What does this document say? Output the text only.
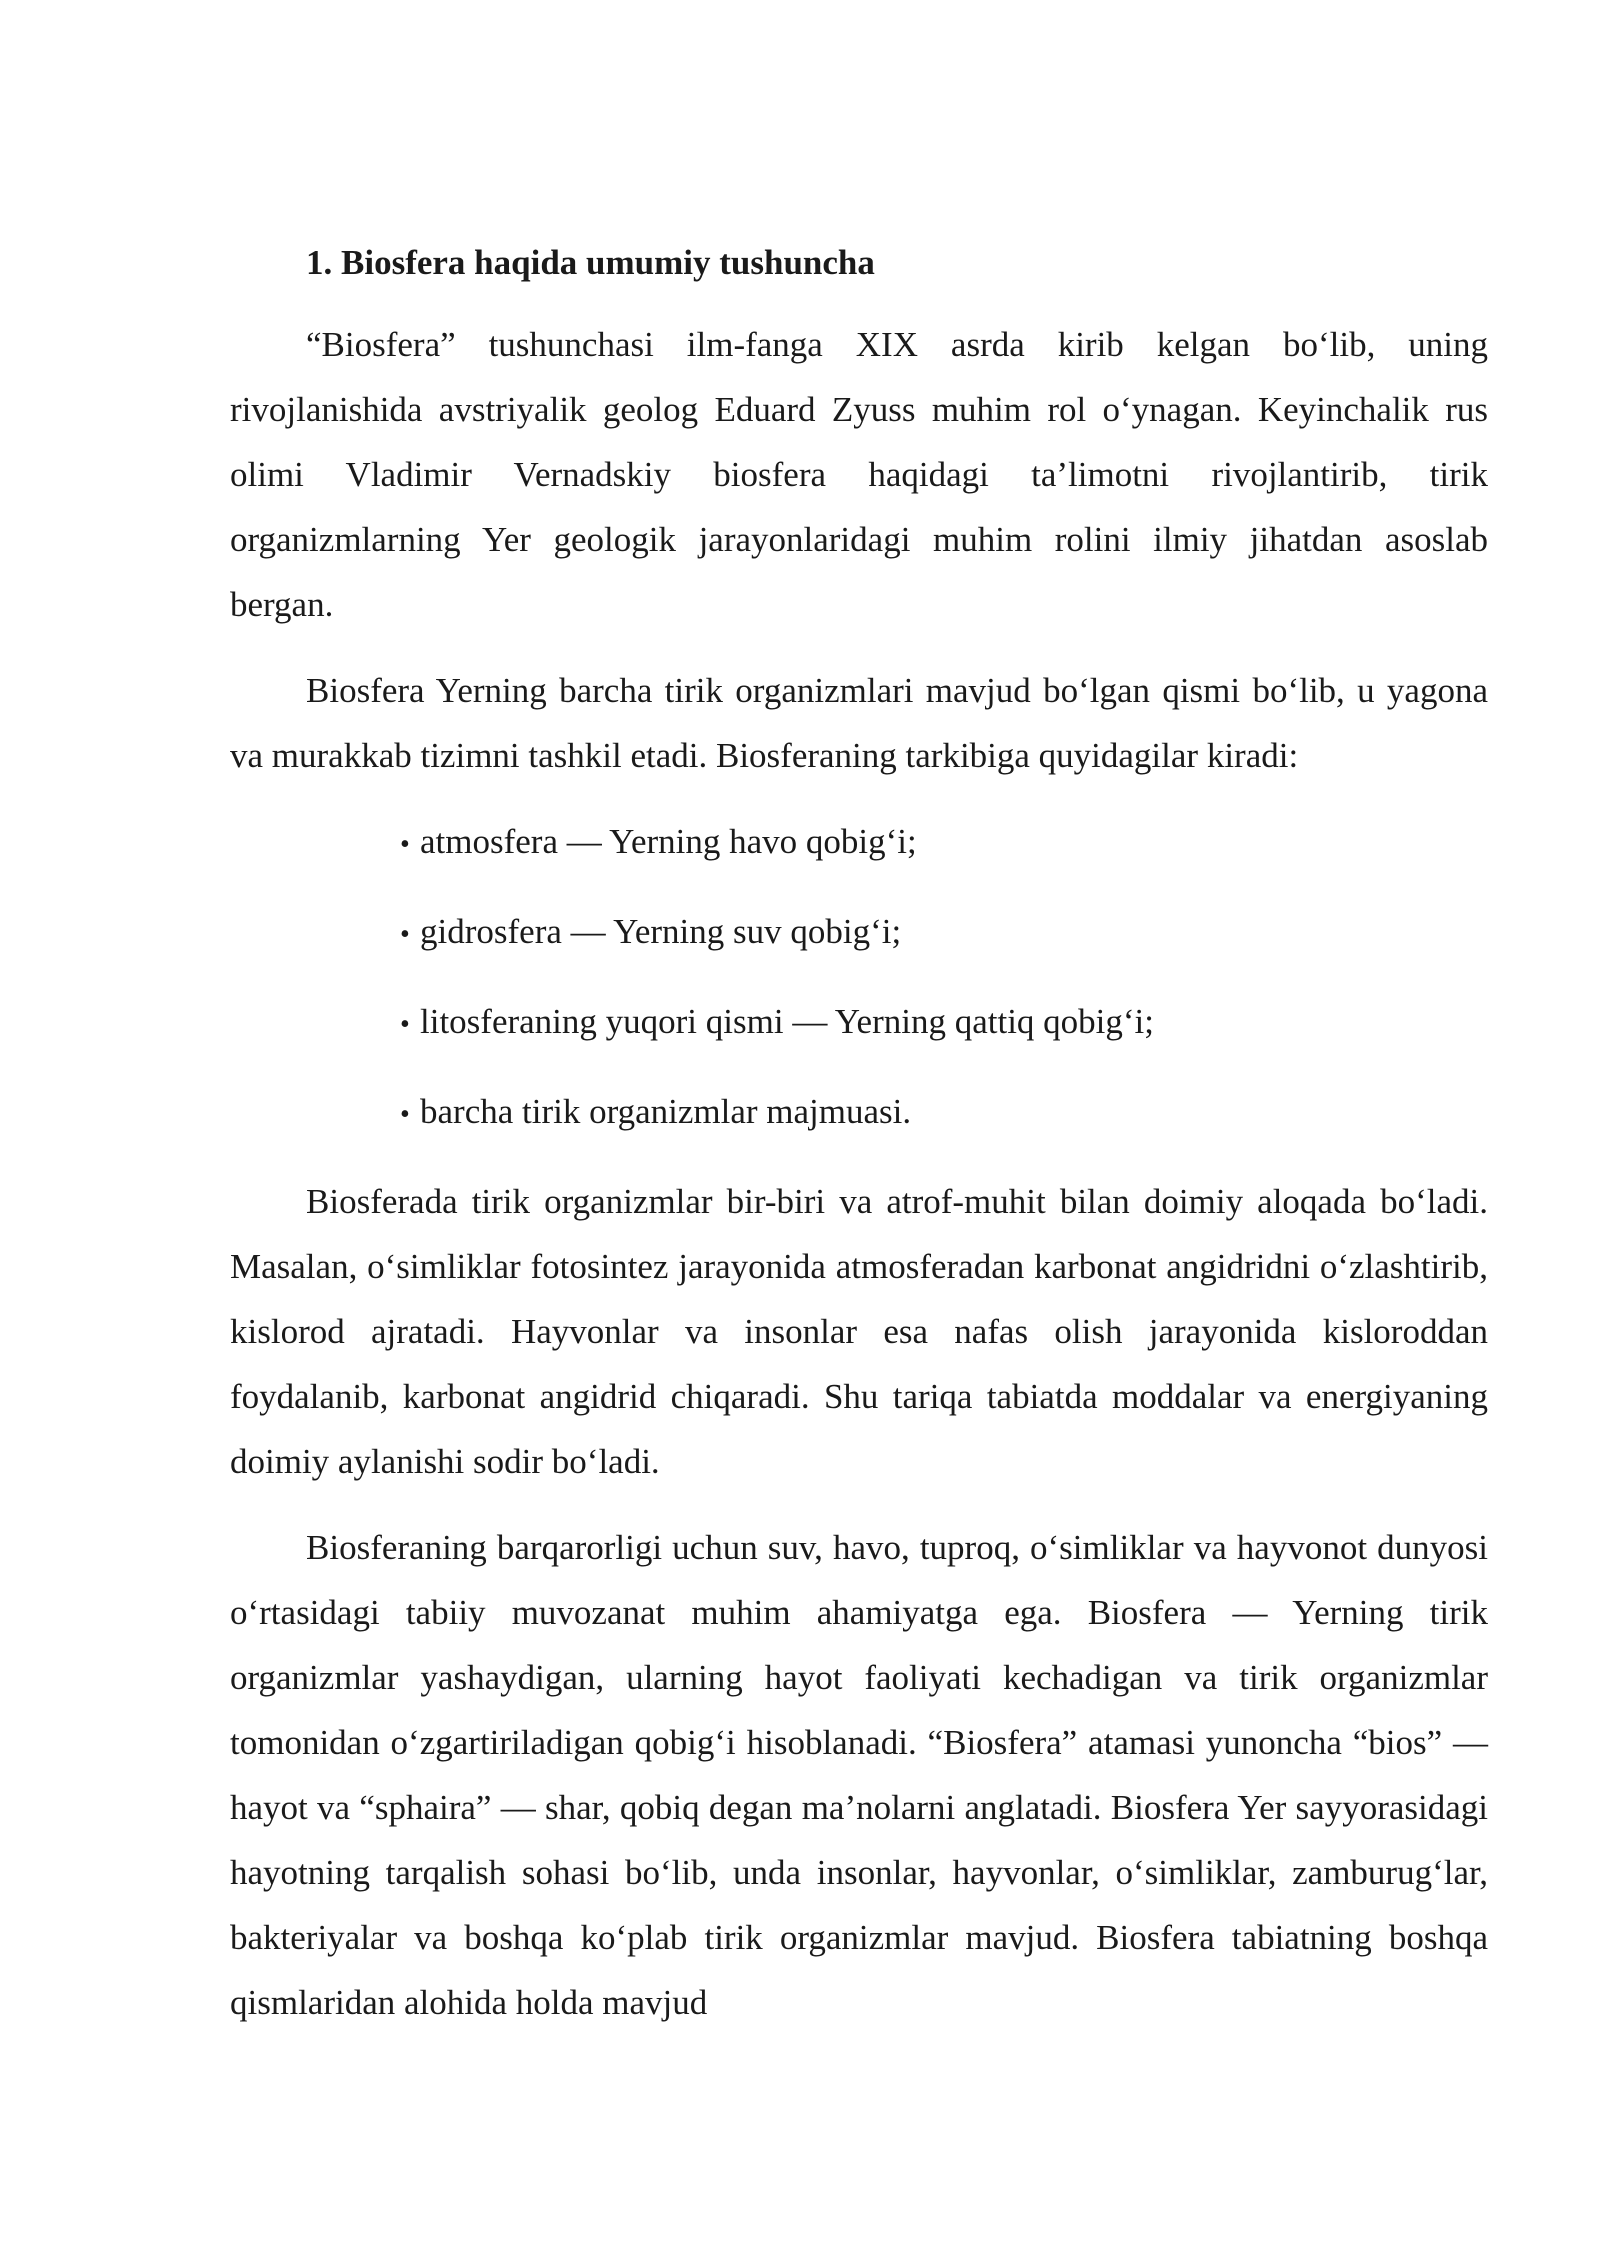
1. Biosfera haqida umumiy tushuncha

“Biosfera” tushunchasi ilm-fanga XIX asrda kirib kelgan bo‘lib, uning rivojlanishida avstriyalik geolog Eduard Zyuss muhim rol o‘ynagan. Keyinchalik rus olimi Vladimir Vernadskiy biosfera haqidagi ta’limotni rivojlantirib, tirik organizmlarning Yer geologik jarayonlaridagi muhim rolini ilmiy jihatdan asoslab bergan.

Biosfera Yerning barcha tirik organizmlari mavjud bo‘lgan qismi bo‘lib, u yagona va murakkab tizimni tashkil etadi. Biosferaning tarkibiga quyidagilar kiradi:

• atmosfera — Yerning havo qobig‘i;
• gidrosfera — Yerning suv qobig‘i;
• litosferaning yuqori qismi — Yerning qattiq qobig‘i;
• barcha tirik organizmlar majmuasi.

Biosferada tirik organizmlar bir-biri va atrof-muhit bilan doimiy aloqada bo‘ladi. Masalan, o‘simliklar fotosintez jarayonida atmosferadan karbonat angidridni o‘zlashtirib, kislorod ajratadi. Hayvonlar va insonlar esa nafas olish jarayonida kisloroddan foydalanib, karbonat angidrid chiqaradi. Shu tariqa tabiatda moddalar va energiyaning doimiy aylanishi sodir bo‘ladi.

Biosferaning barqarorligi uchun suv, havo, tuproq, o‘simliklar va hayvonot dunyosi o‘rtasidagi tabiiy muvozanat muhim ahamiyatga ega. Biosfera — Yerning tirik organizmlar yashaydigan, ularning hayot faoliyati kechadigan va tirik organizmlar tomonidan o‘zgartiriladigan qobig‘i hisoblanadi. “Biosfera” atamasi yunoncha “bios” — hayot va “sphaira” — shar, qobiq degan ma’nolarni anglatadi. Biosfera Yer sayyorasidagi hayotning tarqalish sohasi bo‘lib, unda insonlar, hayvonlar, o‘simliklar, zamburug‘lar, bakteriyalar va boshqa ko‘plab tirik organizmlar mavjud. Biosfera tabiatning boshqa qismlaridan alohida holda mavjud
